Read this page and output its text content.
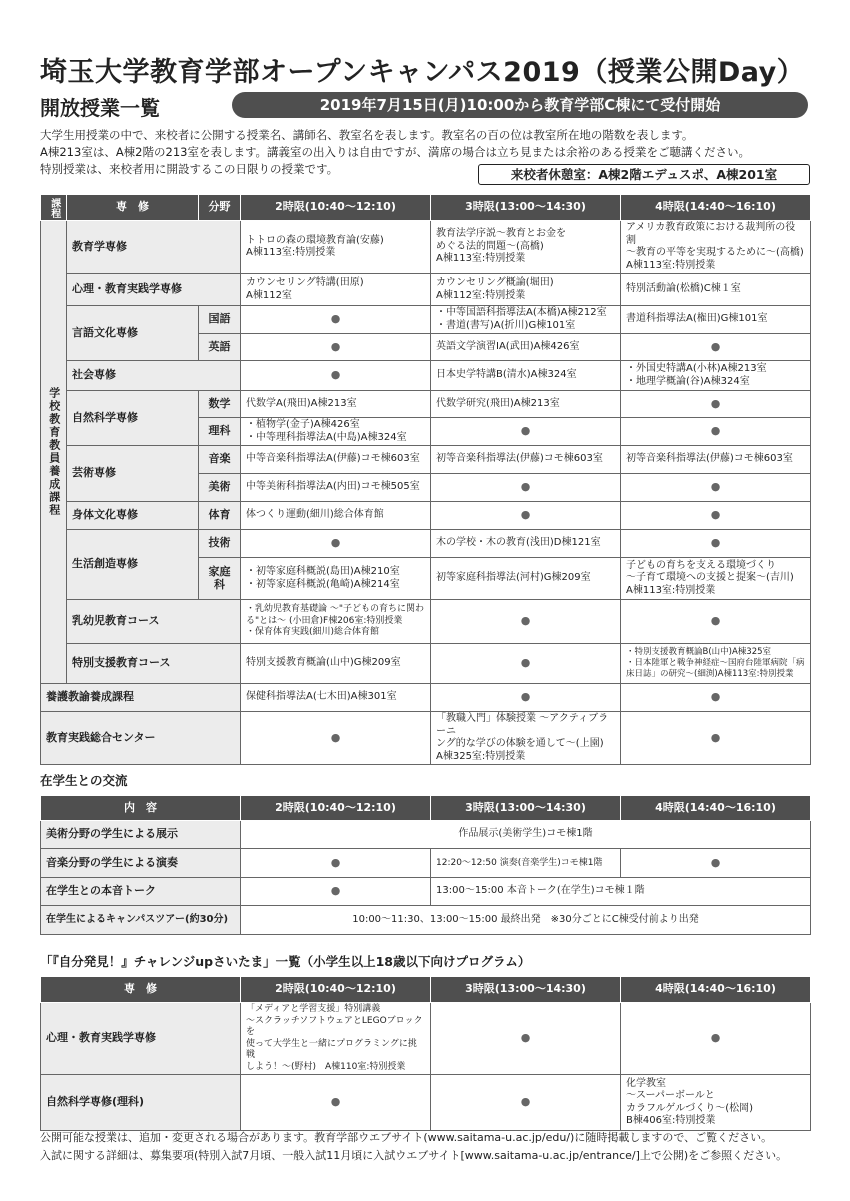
埼玉大学教育学部オープンキャンパス2019（授業公開Day）
開放授業一覧	2019年7月15日(月)10:00から教育学部C棟にて受付開始
大学生用授業の中で、来校者に公開する授業名、講師名、教室名を表します。教室名の百の位は教室所在地の階数を表します。
A棟213室は、A棟2階の213室を表します。講義室の出入りは自由ですが、満席の場合は立ち見または余裕のある授業をご聴講ください。
特別授業は、来校者用に開設するこの日限りの授業です。	来校者休憩室：A棟2階エデュスポ、A棟201室
課程	専　修	分野	2時限(10:40～12:10)	3時限(13:00～14:30)	4時限(14:40～16:10)
学校教育教員養成課程	教育学専修		トトロの森の環境教育論(安藤)
A棟113室:特別授業	教育法学序説～教育とお金を
めぐる法的問題～(高橋)
A棟113室:特別授業	アメリカ教育政策における裁判所の役割
～教育の平等を実現するために～(高橋)
A棟113室:特別授業
	心理・教育実践学専修		カウンセリング特講(田原)
A棟112室	カウンセリング概論(堀田)
A棟112室:特別授業	特別活動論(松橋)C棟１室
	言語文化専修	国語	●	・中等国語科指導法A(本橋)A棟212室
・書道(書写)A(折川)G棟101室	書道科指導法A(権田)G棟101室
		英語	●	英語文学演習ⅠA(武田)A棟426室	●
	社会専修		●	日本史学特講B(清水)A棟324室	・外国史特講A(小林)A棟213室
・地理学概論(谷)A棟324室
	自然科学専修	数学	代数学A(飛田)A棟213室	代数学研究(飛田)A棟213室	●
		理科	・植物学(金子)A棟426室
・中等理科指導法A(中島)A棟324室	●	●
	芸術専修	音楽	中等音楽科指導法A(伊藤)コモ棟603室	初等音楽科指導法(伊藤)コモ棟603室	初等音楽科指導法(伊藤)コモ棟603室
		美術	中等美術科指導法A(内田)コモ棟505室	●	●
	身体文化専修	体育	体つくり運動(細川)総合体育館	●	●
	生活創造専修	技術	●	木の学校・木の教育(浅田)D棟121室	●
		家庭科	・初等家庭科概説(島田)A棟210室
・初等家庭科概説(亀崎)A棟214室	初等家庭科指導法(河村)G棟209室	子どもの育ちを支える環境づくり
～子育て環境への支援と提案～(吉川)
A棟113室:特別授業
	乳幼児教育コース		・乳幼児教育基礎論 ～"子どもの育ちに関わ
る"とは～ (小田倉)F棟206室:特別授業
・保育体育実践(細川)総合体育館	●	●
	特別支援教育コース		特別支援教育概論(山中)G棟209室	●	・特別支援教育概論B(山中)A棟325室
・日本陸軍と戦争神経症～国府台陸軍病院「病
床日誌」の研究～(細渕)A棟113室:特別授業
養護教諭養成課程			保健科指導法A(七木田)A棟301室	●	●
教育実践総合センター			●	「教職入門」体験授業 ～アクティブラーニ
ング的な学びの体験を通して～(上園)
A棟325室:特別授業	●
在学生との交流
内　容	2時限(10:40～12:10)	3時限(13:00～14:30)	4時限(14:40～16:10)
美術分野の学生による展示	作品展示(美術学生)コモ棟1階		
音楽分野の学生による演奏	●	12:20～12:50 演奏(音楽学生)コモ棟1階	●
在学生との本音トーク	●	13:00～15:00 本音トーク(在学生)コモ棟１階	
在学生によるキャンパスツアー(約30分)	10:00～11:30、13:00～15:00 最終出発　※30分ごとにC棟受付前より出発		
「『自分発見！』チャレンジupさいたま」一覧（小学生以上18歳以下向けプログラム）
専　修	2時限(10:40～12:10)	3時限(13:00～14:30)	4時限(14:40～16:10)
心理・教育実践学専修	「メディアと学習支援」特別講義
～スクラッチソフトウェアとLEGOブロックを
使って大学生と一緒にプログラミングに挑戦
しよう！～(野村)　A棟110室:特別授業	●	●
自然科学専修(理科)	●	●	化学教室
～スーパーボールと
カラフルゲルづくり～(松岡)
B棟406室:特別授業
公開可能な授業は、追加・変更される場合があります。教育学部ウエブサイト(www.saitama-u.ac.jp/edu/)に随時掲載しますので、ご覧ください。
入試に関する詳細は、募集要項(特別入試7月頃、一般入試11月頃に入試ウエブサイト[www.saitama-u.ac.jp/entrance/]上で公開)をご参照ください。
